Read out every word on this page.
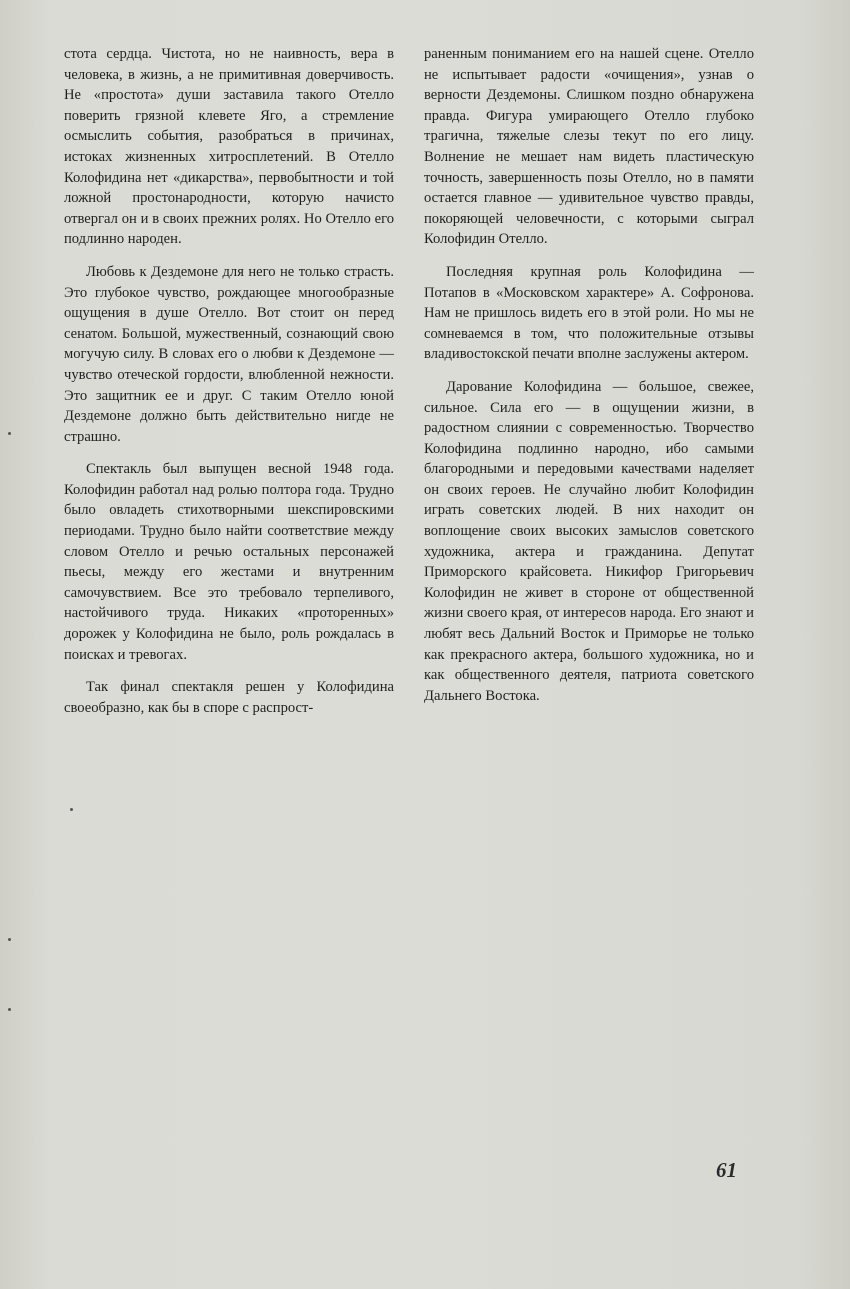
стота сердца. Чистота, но не наивность, вера в человека, в жизнь, а не примитивная доверчивость. Не «простота» души заставила такого Отелло поверить грязной клевете Яго, а стремление осмыслить события, разобраться в причинах, истоках жизненных хитросплетений. В Отелло Колофидина нет «дикарства», первобытности и той ложной простонародности, которую начисто отвергал он и в своих прежних ролях. Но Отелло его подлинно народен.

Любовь к Дездемоне для него не только страсть. Это глубокое чувство, рождающее многообразные ощущения в душе Отелло. Вот стоит он перед сенатом. Большой, мужественный, сознающий свою могучую силу. В словах его о любви к Дездемоне — чувство отеческой гордости, влюбленной нежности. Это защитник ее и друг. С таким Отелло юной Дездемоне должно быть действительно нигде не страшно.

Спектакль был выпущен весной 1948 года. Колофидин работал над ролью полтора года. Трудно было овладеть стихотворными шекспировскими периодами. Трудно было найти соответствие между словом Отелло и речью остальных персонажей пьесы, между его жестами и внутренним самочувствием. Все это требовало терпеливого, настойчивого труда. Никаких «проторенных» дорожек у Колофидина не было, роль рождалась в поисках и тревогах.

Так финал спектакля решен у Колофидина своеобразно, как бы в споре с распрост-

раненным пониманием его на нашей сцене. Отелло не испытывает радости «очищения», узнав о верности Дездемоны. Слишком поздно обнаружена правда. Фигура умирающего Отелло глубоко трагична, тяжелые слезы текут по его лицу. Волнение не мешает нам видеть пластическую точность, завершенность позы Отелло, но в памяти остается главное — удивительное чувство правды, покоряющей человечности, с которыми сыграл Колофидин Отелло.

Последняя крупная роль Колофидина — Потапов в «Московском характере» А. Софронова. Нам не пришлось видеть его в этой роли. Но мы не сомневаемся в том, что положительные отзывы владивостокской печати вполне заслужены актером.

Дарование Колофидина — большое, свежее, сильное. Сила его — в ощущении жизни, в радостном слиянии с современностью. Творчество Колофидина подлинно народно, ибо самыми благородными и передовыми качествами наделяет он своих героев. Не случайно любит Колофидин играть советских людей. В них находит он воплощение своих высоких замыслов советского художника, актера и гражданина. Депутат Приморского крайсовета. Никифор Григорьевич Колофидин не живет в стороне от общественной жизни своего края, от интересов народа. Его знают и любят весь Дальний Восток и Приморье не только как прекрасного актера, большого художника, но и как общественного деятеля, патриота советского Дальнего Востока.

61
